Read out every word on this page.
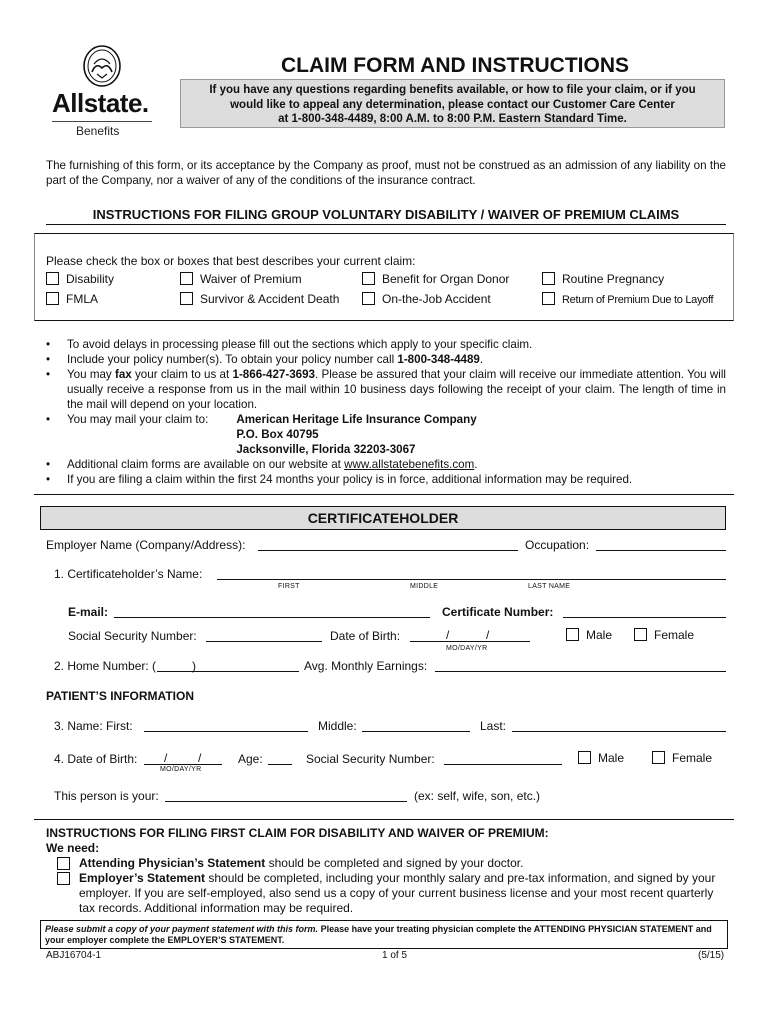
Allstate.
Benefits
CLAIM FORM AND INSTRUCTIONS
If you have any questions regarding benefits available, or how to file your claim, or if you
would like to appeal any determination, please contact our Customer Care Center
at 1-800-348-4489, 8:00 A.M. to 8:00 P.M. Eastern Standard Time.
The furnishing of this form, or its acceptance by the Company as proof, must not be construed as an admission of any liability on the part of the Company, nor a waiver of any of the conditions of the insurance contract.
INSTRUCTIONS FOR FILING GROUP VOLUNTARY DISABILITY / WAIVER OF PREMIUM CLAIMS
Please check the box or boxes that best describes your current claim:
Disability	Waiver of Premium	Benefit for Organ Donor	Routine Pregnancy
FMLA	Survivor & Accident Death	On-the-Job Accident	Return of Premium Due to Layoff
• To avoid delays in processing please fill out the sections which apply to your specific claim.
• Include your policy number(s). To obtain your policy number call 1-800-348-4489.
• You may fax your claim to us at 1-866-427-3693. Please be assured that your claim will receive our immediate attention. You will usually receive a response from us in the mail within 10 business days following the receipt of your claim. The length of time in the mail will depend on your location.
• You may mail your claim to: American Heritage Life Insurance Company
P.O. Box 40795
Jacksonville, Florida 32203-3067
• Additional claim forms are available on our website at www.allstatebenefits.com.
• If you are filing a claim within the first 24 months your policy is in force, additional information may be required.
CERTIFICATEHOLDER
Employer Name (Company/Address):	Occupation:
1. Certificateholder’s Name:
FIRST	MIDDLE	LAST NAME
E-mail:	Certificate Number:
Social Security Number:	Date of Birth:	/	/
MO/DAY/YR
Male	Female
2. Home Number: (	)	Avg. Monthly Earnings:
PATIENT’S INFORMATION
3. Name: First:	Middle:	Last:
4. Date of Birth: /	/
MO/DAY/YR
Age:	Social Security Number:	Male	Female
This person is your:	(ex: self, wife, son, etc.)
INSTRUCTIONS FOR FILING FIRST CLAIM FOR DISABILITY AND WAIVER OF PREMIUM:
We need:
Attending Physician’s Statement should be completed and signed by your doctor.
Employer’s Statement should be completed, including your monthly salary and pre-tax information, and signed by your employer. If you are self-employed, also send us a copy of your current business license and your most recent quarterly tax records. Additional information may be required.
Please submit a copy of your payment statement with this form. Please have your treating physician complete the ATTENDING PHYSICIAN STATEMENT and your employer complete the EMPLOYER’S STATEMENT.
ABJ16704-1	1 of 5	(5/15)
